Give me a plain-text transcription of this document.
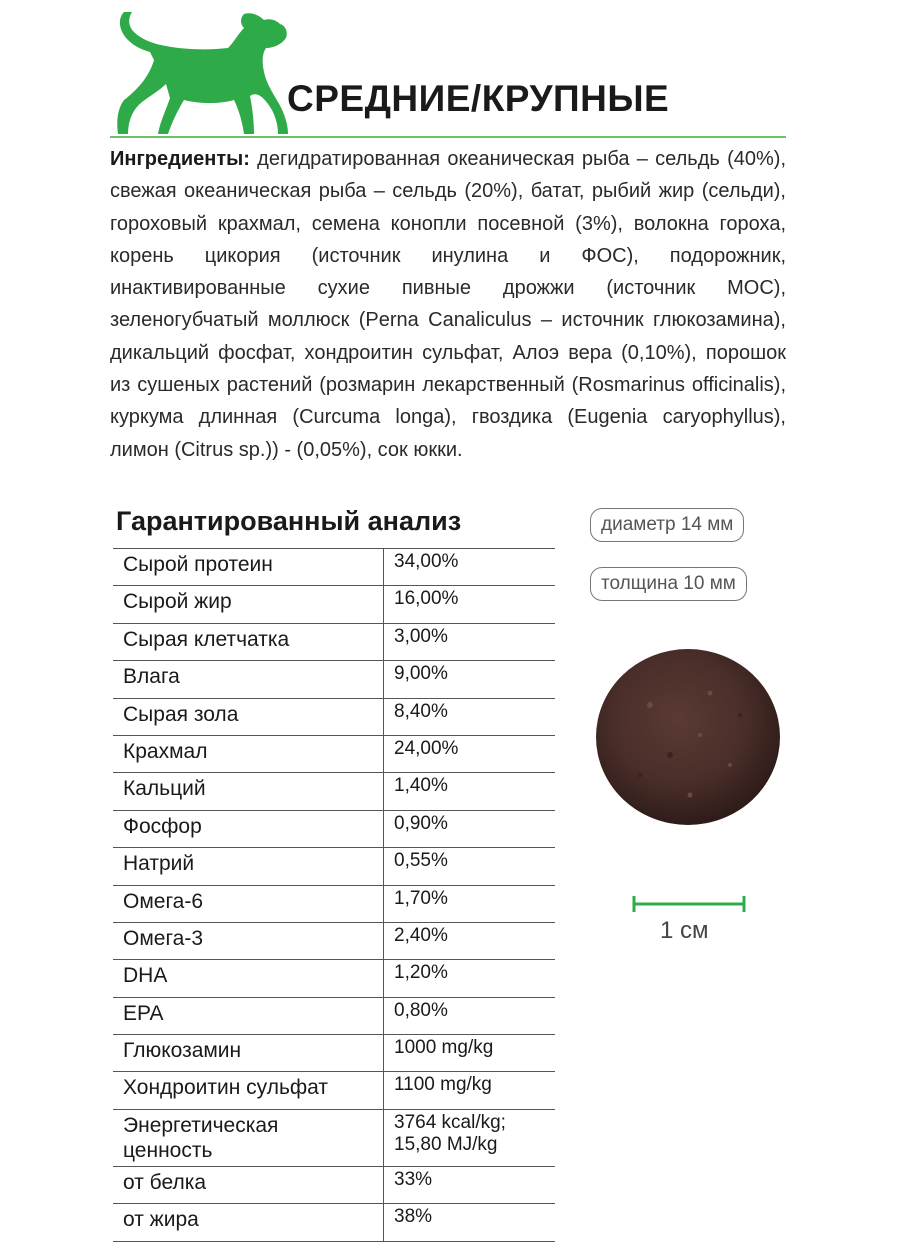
СРЕДНИЕ/КРУПНЫЕ
Ингредиенты: дегидратированная океаническая рыба – сельдь (40%), свежая океаническая рыба – сельдь (20%), батат, рыбий жир (сельди), гороховый крахмал, семена конопли посевной (3%), волокна гороха, корень цикория (источник инулина и ФОС), подорожник, инактивированные сухие пивные дрожжи (источник МОС), зеленогубчатый моллюск (Perna Canaliculus – источник глюкозамина), дикальций фосфат, хондроитин сульфат, Алоэ вера (0,10%), порошок из сушеных растений (розмарин лекарственный (Rosmarinus officinalis), куркума длинная (Curcuma longa), гвоздика (Eugenia caryophyllus), лимон (Citrus sp.)) - (0,05%), сок юкки.
Гарантированный анализ
Сырой протеин	34,00%
Сырой жир	16,00%
Сырая клетчатка	3,00%
Влага	9,00%
Сырая зола	8,40%
Крахмал	24,00%
Кальций	1,40%
Фосфор	0,90%
Натрий	0,55%
Омега-6	1,70%
Омега-3	2,40%
DHA	1,20%
EPA	0,80%
Глюкозамин	1000 mg/kg
Хондроитин сульфат	1100 mg/kg
Энергетическая ценность	3764 kcal/kg; 15,80 MJ/kg
от белка	33%
от жира	38%
диаметр 14 мм
толщина 10 мм
1 см
